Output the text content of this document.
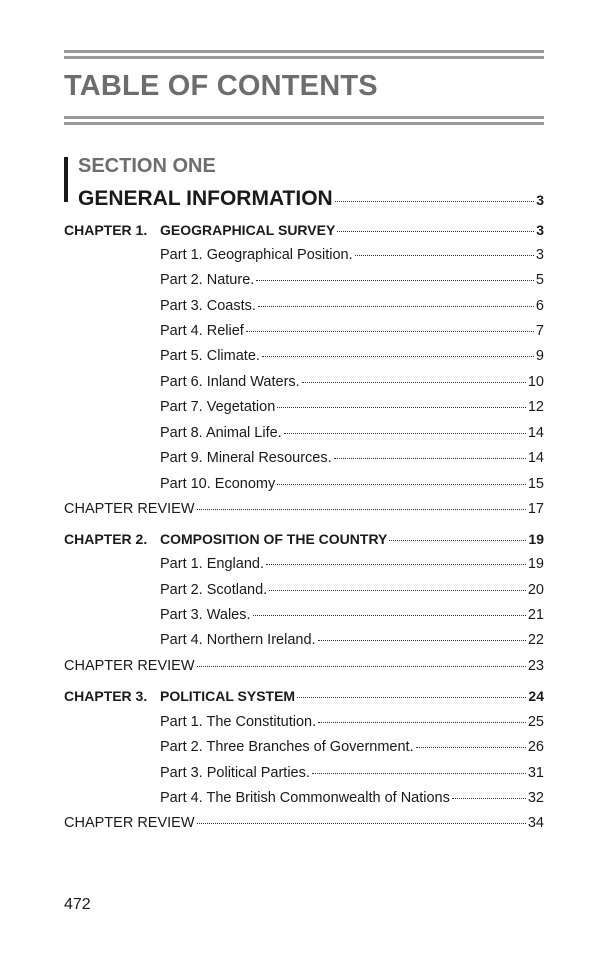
TABLE OF CONTENTS
SECTION ONE
GENERAL INFORMATION	3
CHAPTER 1. GEOGRAPHICAL SURVEY	3
Part 1. Geographical Position.	3
Part 2. Nature.	5
Part 3. Coasts.	6
Part 4. Relief	7
Part 5. Climate.	9
Part 6. Inland Waters.	10
Part 7. Vegetation	12
Part 8. Animal Life.	14
Part 9. Mineral Resources.	14
Part 10. Economy	15
CHAPTER REVIEW	17
CHAPTER 2. COMPOSITION OF THE COUNTRY	19
Part 1. England.	19
Part 2. Scotland.	20
Part 3. Wales.	21
Part 4. Northern Ireland.	22
CHAPTER REVIEW	23
CHAPTER 3. POLITICAL SYSTEM	24
Part 1. The Constitution.	25
Part 2. Three Branches of Government.	26
Part 3. Political Parties.	31
Part 4. The British Commonwealth of Nations	32
CHAPTER REVIEW	34
472
